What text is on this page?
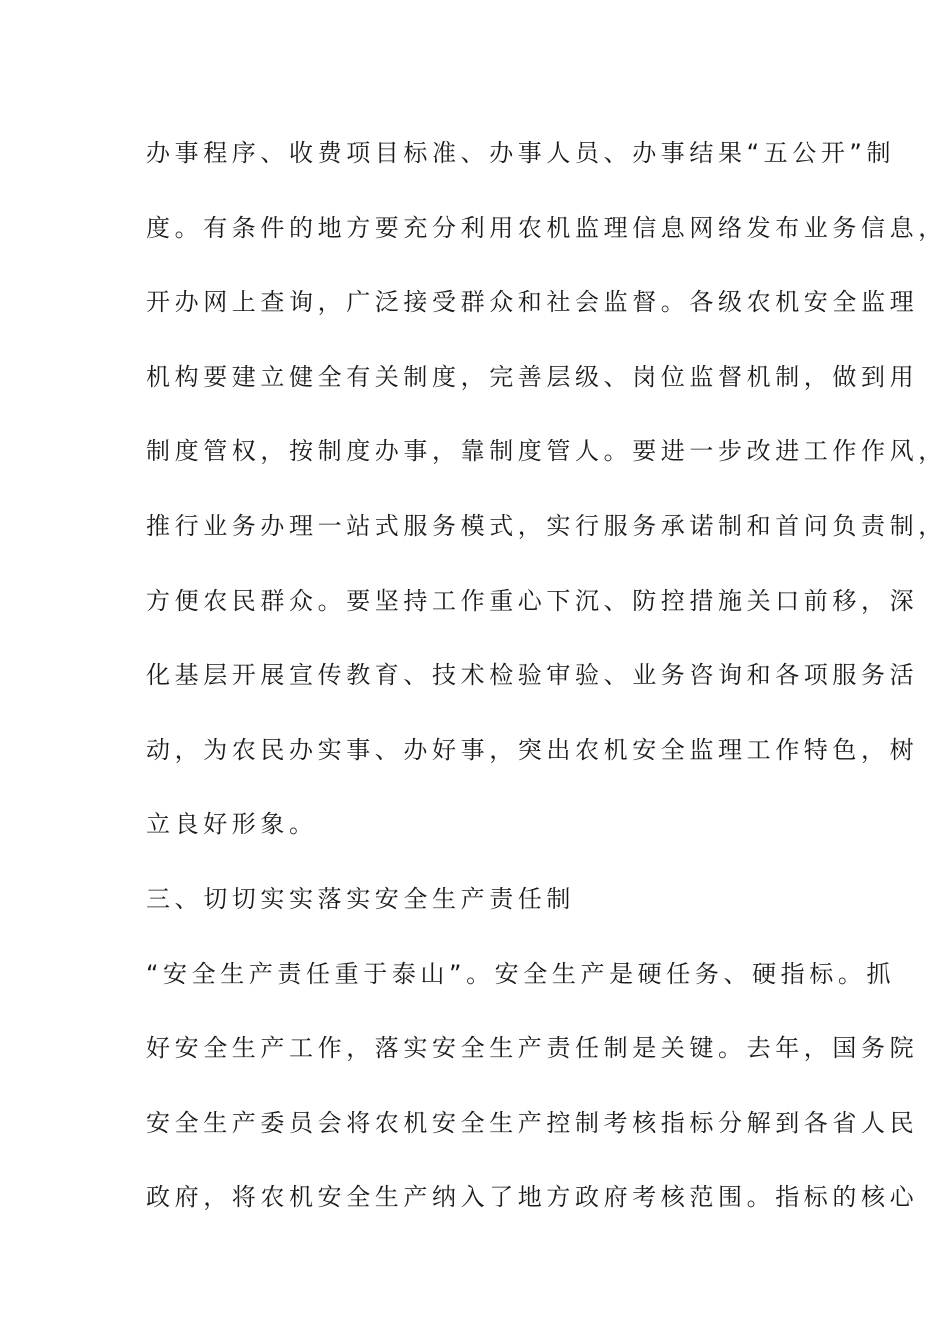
办事程序、收费项目标准、办事人员、办事结果“五公开”制
度。有条件的地方要充分利用农机监理信息网络发布业务信息，
开办网上查询，广泛接受群众和社会监督。各级农机安全监理
机构要建立健全有关制度，完善层级、岗位监督机制，做到用
制度管权，按制度办事，靠制度管人。要进一步改进工作作风，
推行业务办理一站式服务模式，实行服务承诺制和首问负责制，
方便农民群众。要坚持工作重心下沉、防控措施关口前移，深
化基层开展宣传教育、技术检验审验、业务咨询和各项服务活
动，为农民办实事、办好事，突出农机安全监理工作特色，树
立良好形象。
三、切切实实落实安全生产责任制
“安全生产责任重于泰山”。安全生产是硬任务、硬指标。抓
好安全生产工作，落实安全生产责任制是关键。去年，国务院
安全生产委员会将农机安全生产控制考核指标分解到各省人民
政府，将农机安全生产纳入了地方政府考核范围。指标的核心
